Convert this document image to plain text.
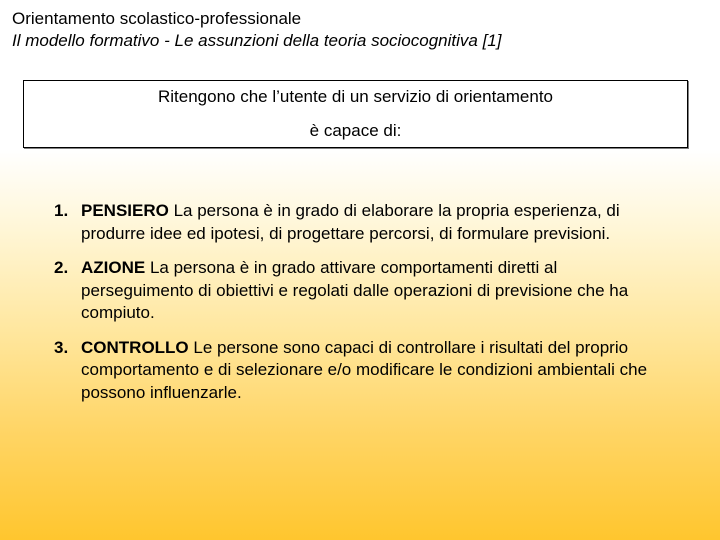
Orientamento scolastico-professionale
Il modello formativo - Le assunzioni della teoria sociocognitiva [1]
Ritengono che l’utente di un servizio di orientamento
è capace di:
1. PENSIERO La persona è in grado di elaborare la propria esperienza, di produrre idee ed ipotesi, di progettare percorsi, di formulare previsioni.
2. AZIONE La persona è in grado attivare comportamenti diretti al perseguimento di obiettivi e regolati dalle operazioni di previsione che ha compiuto.
3. CONTROLLO Le persone sono capaci di controllare i risultati del proprio comportamento e di selezionare e/o modificare le condizioni ambientali che possono influenzarle.
